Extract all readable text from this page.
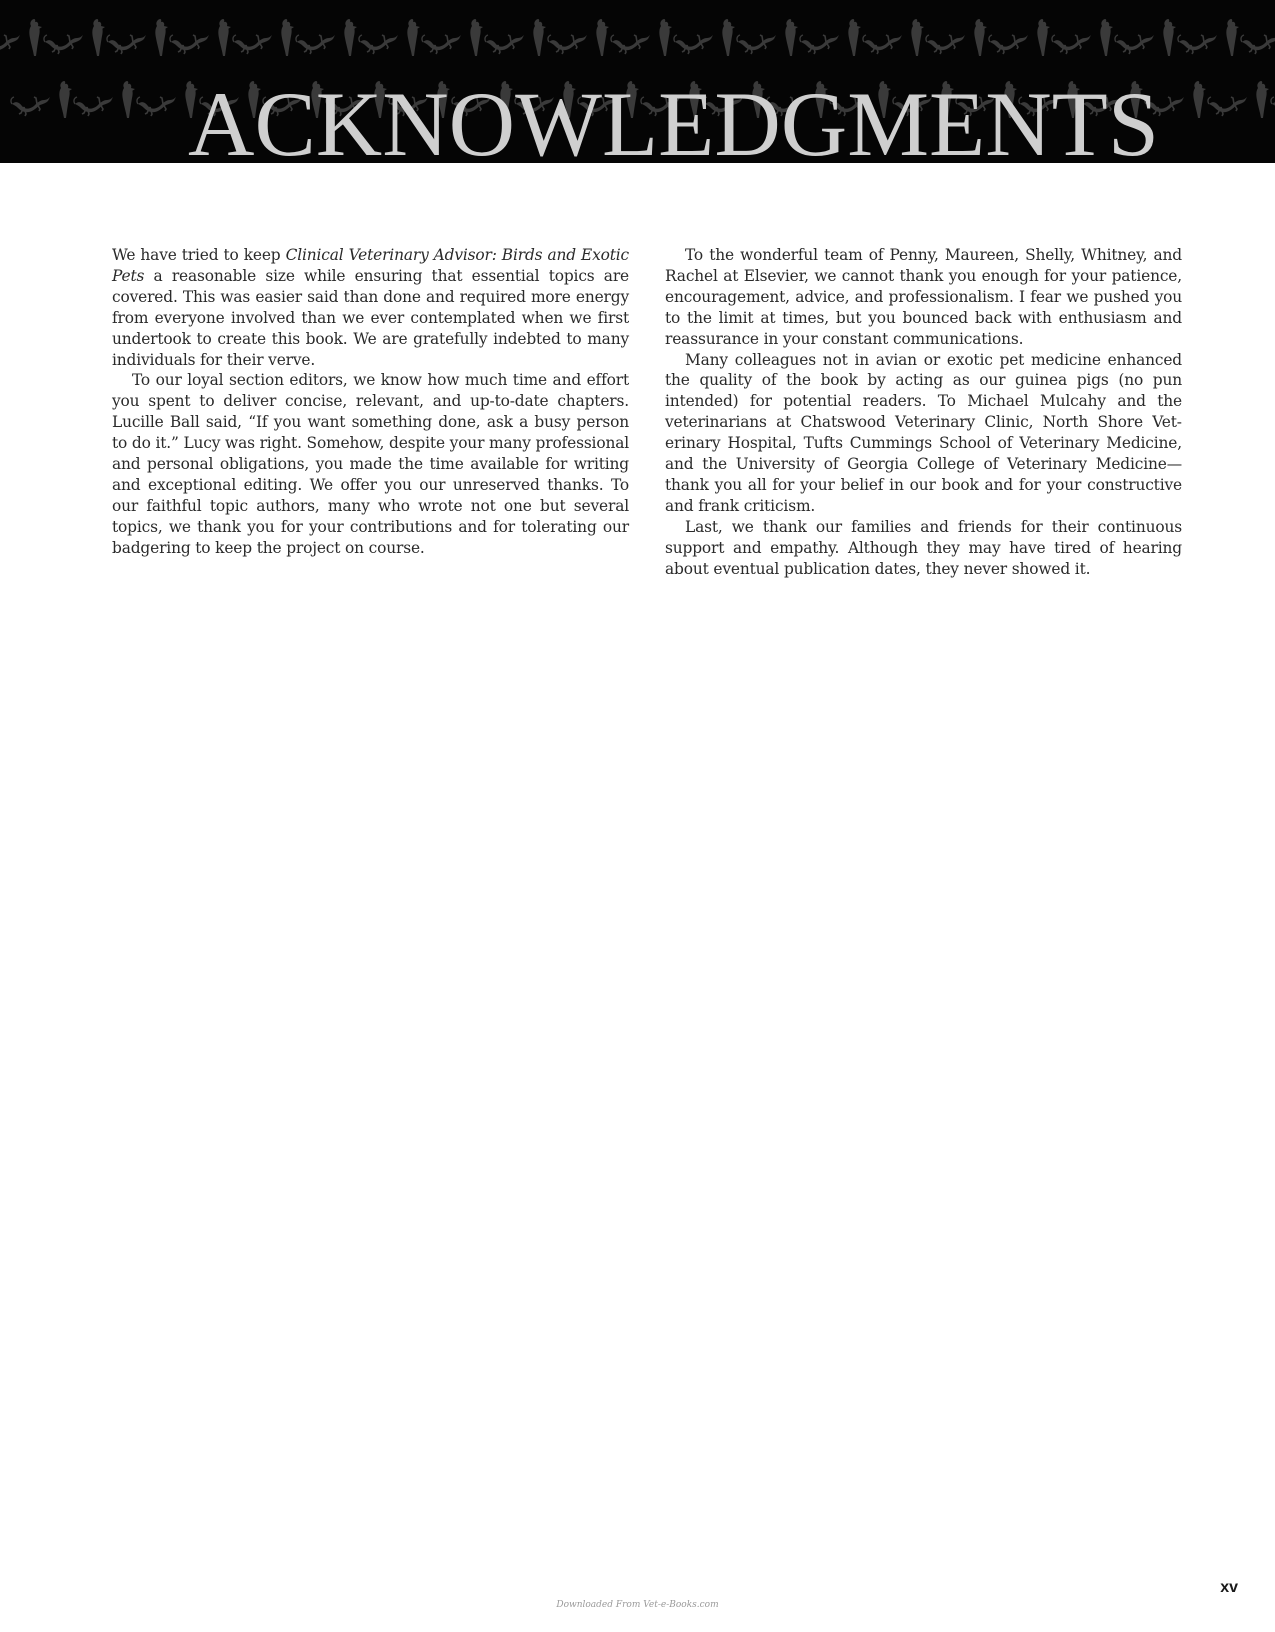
ACKNOWLEDGMENTS

We have tried to keep Clinical Veterinary Advisor: Birds and Exotic Pets a reasonable size while ensuring that essential topics are covered. This was easier said than done and required more energy from everyone involved than we ever contemplated when we first undertook to create this book. We are gratefully indebted to many individuals for their verve.

To our loyal section editors, we know how much time and effort you spent to deliver concise, relevant, and up-to-date chapters. Lucille Ball said, “If you want something done, ask a busy person to do it.” Lucy was right. Somehow, despite your many professional and personal obligations, you made the time available for writing and exceptional editing. We offer you our unreserved thanks. To our faithful topic authors, many who wrote not one but several topics, we thank you for your contributions and for tolerating our badgering to keep the project on course.

To the wonderful team of Penny, Maureen, Shelly, Whitney, and Rachel at Elsevier, we cannot thank you enough for your patience, encouragement, advice, and professionalism. I fear we pushed you to the limit at times, but you bounced back with enthusiasm and reassurance in your constant communications.

Many colleagues not in avian or exotic pet medicine enhanced the quality of the book by acting as our guinea pigs (no pun intended) for potential readers. To Michael Mulcahy and the veterinarians at Chatswood Veterinary Clinic, North Shore Veterinary Hospital, Tufts Cummings School of Veterinary Medicine, and the University of Georgia College of Veterinary Medicine—thank you all for your belief in our book and for your constructive and frank criticism.

Last, we thank our families and friends for their continuous support and empathy. Although they may have tired of hearing about eventual publication dates, they never showed it.

xv
Downloaded From Vet-e-Books.com
